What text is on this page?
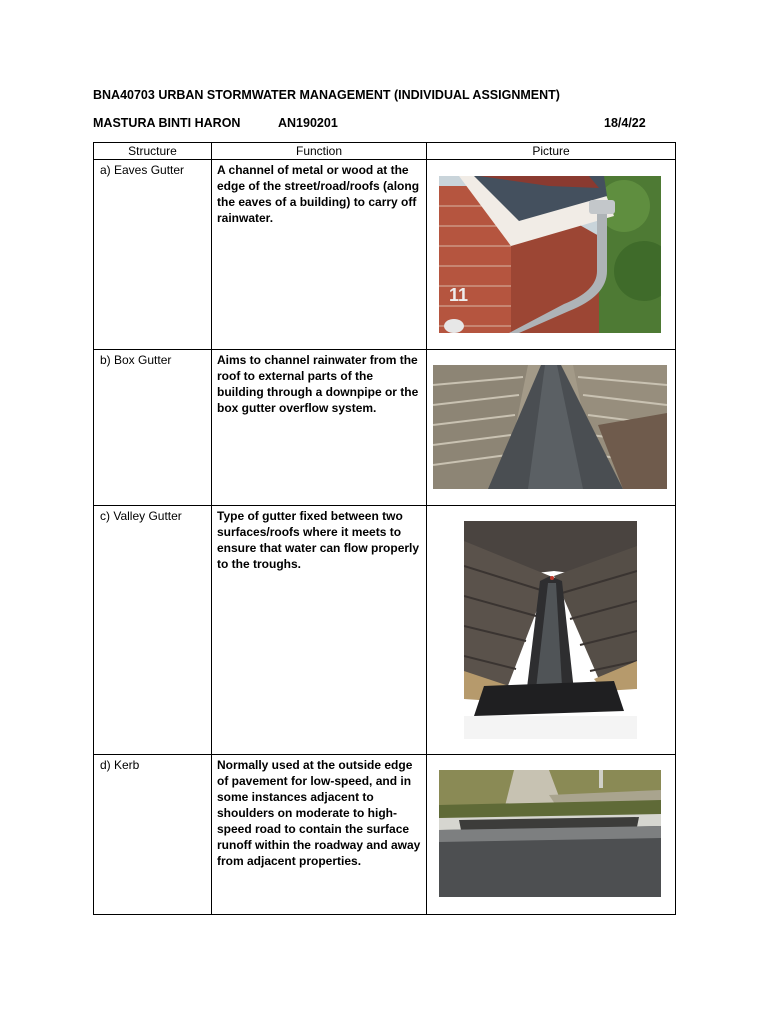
BNA40703 URBAN STORMWATER MANAGEMENT (INDIVIDUAL ASSIGNMENT)
MASTURA BINTI HARON	AN190201	18/4/22
Structure	Function	Picture

a) Eaves Gutter	A channel of metal or wood at the edge of the street/road/roofs (along the eaves of a building) to carry off rainwater.	11

b) Box Gutter	Aims to channel rainwater from the roof to external parts of the building through a downpipe or the box gutter overflow system.

c) Valley Gutter	Type of gutter fixed between two surfaces/roofs where it meets to ensure that water can flow properly to the troughs.

d) Kerb	Normally used at the outside edge of pavement for low-speed, and in some instances adjacent to shoulders on moderate to high-speed road to contain the surface runoff within the roadway and away from adjacent properties.
